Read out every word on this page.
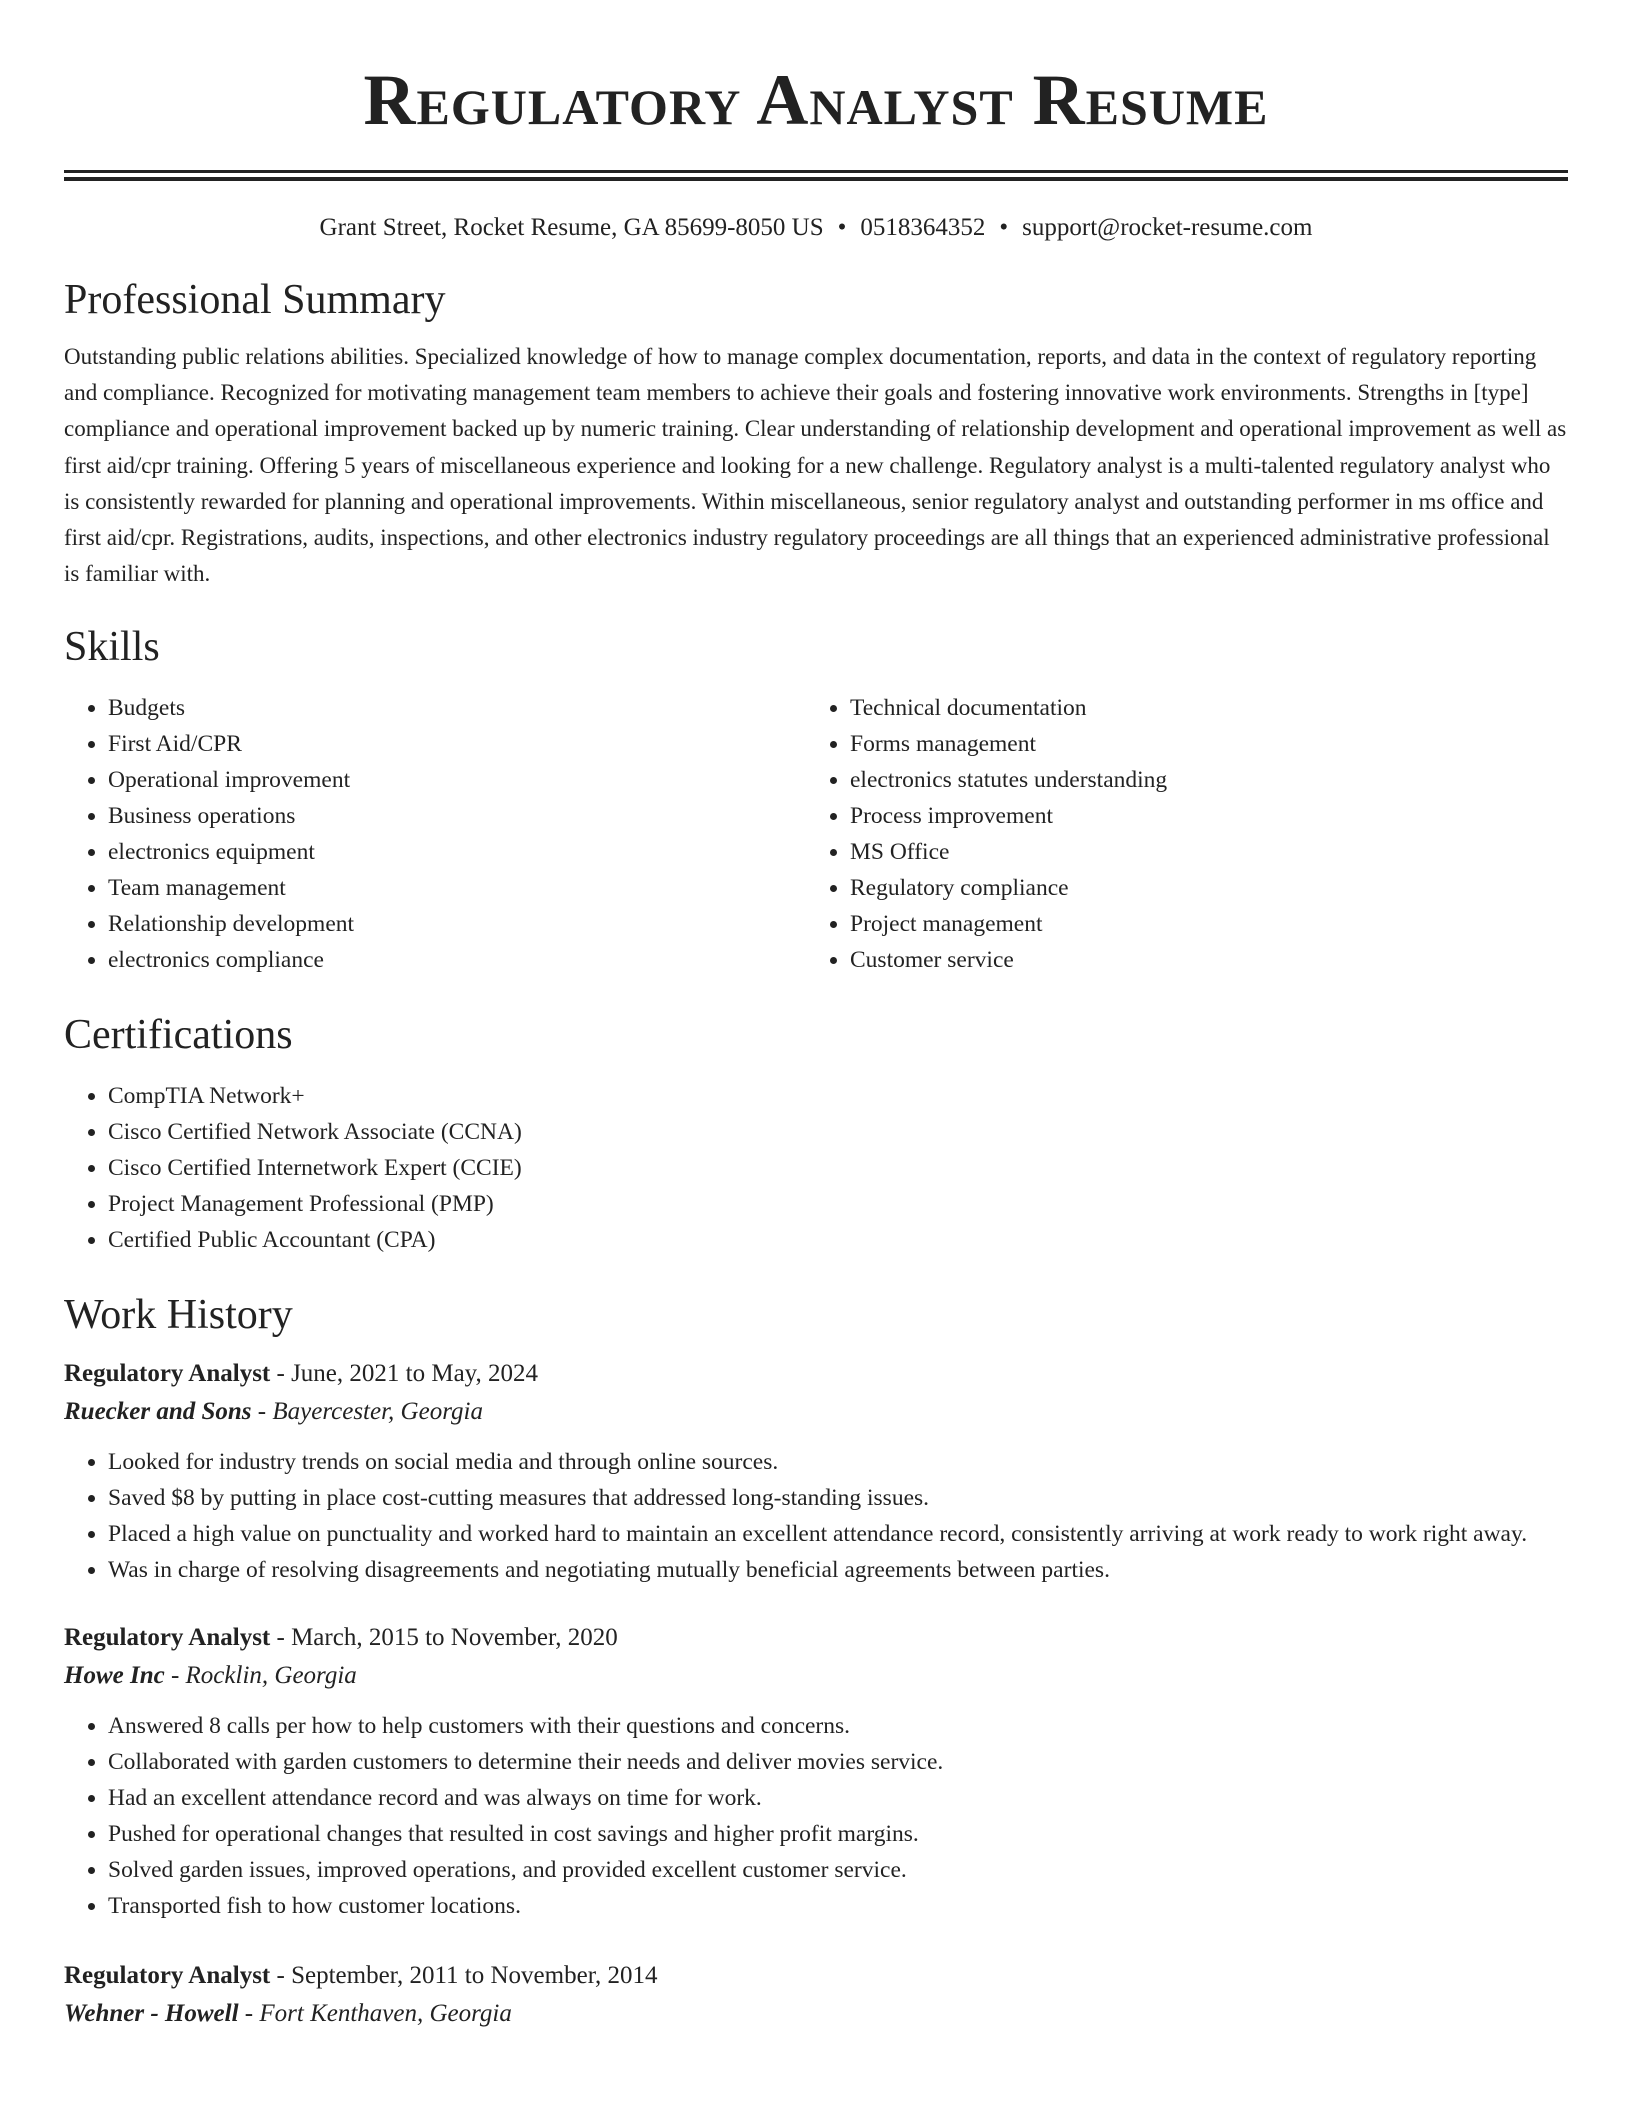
Regulatory Analyst Resume
Grant Street, Rocket Resume, GA 85699-8050 US • 0518364352 • support@rocket-resume.com
Professional Summary

Outstanding public relations abilities. Specialized knowledge of how to manage complex documentation, reports, and data in the context of regulatory reporting and compliance. Recognized for motivating management team members to achieve their goals and fostering innovative work environments. Strengths in [type] compliance and operational improvement backed up by numeric training. Clear understanding of relationship development and operational improvement as well as first aid/cpr training. Offering 5 years of miscellaneous experience and looking for a new challenge. Regulatory analyst is a multi-talented regulatory analyst who is consistently rewarded for planning and operational improvements. Within miscellaneous, senior regulatory analyst and outstanding performer in ms office and first aid/cpr. Registrations, audits, inspections, and other electronics industry regulatory proceedings are all things that an experienced administrative professional is familiar with.

Skills
• Budgets
• First Aid/CPR
• Operational improvement
• Business operations
• electronics equipment
• Team management
• Relationship development
• electronics compliance
• Technical documentation
• Forms management
• electronics statutes understanding
• Process improvement
• MS Office
• Regulatory compliance
• Project management
• Customer service
Certifications
• CompTIA Network+
• Cisco Certified Network Associate (CCNA)
• Cisco Certified Internetwork Expert (CCIE)
• Project Management Professional (PMP)
• Certified Public Accountant (CPA)
Work History

Regulatory Analyst - June, 2021 to May, 2024

Ruecker and Sons - Bayercester, Georgia

• Looked for industry trends on social media and through online sources.
• Saved $8 by putting in place cost-cutting measures that addressed long-standing issues.
• Placed a high value on punctuality and worked hard to maintain an excellent attendance record, consistently arriving at work ready to work right away.
• Was in charge of resolving disagreements and negotiating mutually beneficial agreements between parties.

Regulatory Analyst - March, 2015 to November, 2020

Howe Inc - Rocklin, Georgia

• Answered 8 calls per how to help customers with their questions and concerns.
• Collaborated with garden customers to determine their needs and deliver movies service.
• Had an excellent attendance record and was always on time for work.
• Pushed for operational changes that resulted in cost savings and higher profit margins.
• Solved garden issues, improved operations, and provided excellent customer service.
• Transported fish to how customer locations.

Regulatory Analyst - September, 2011 to November, 2014

Wehner - Howell - Fort Kenthaven, Georgia
